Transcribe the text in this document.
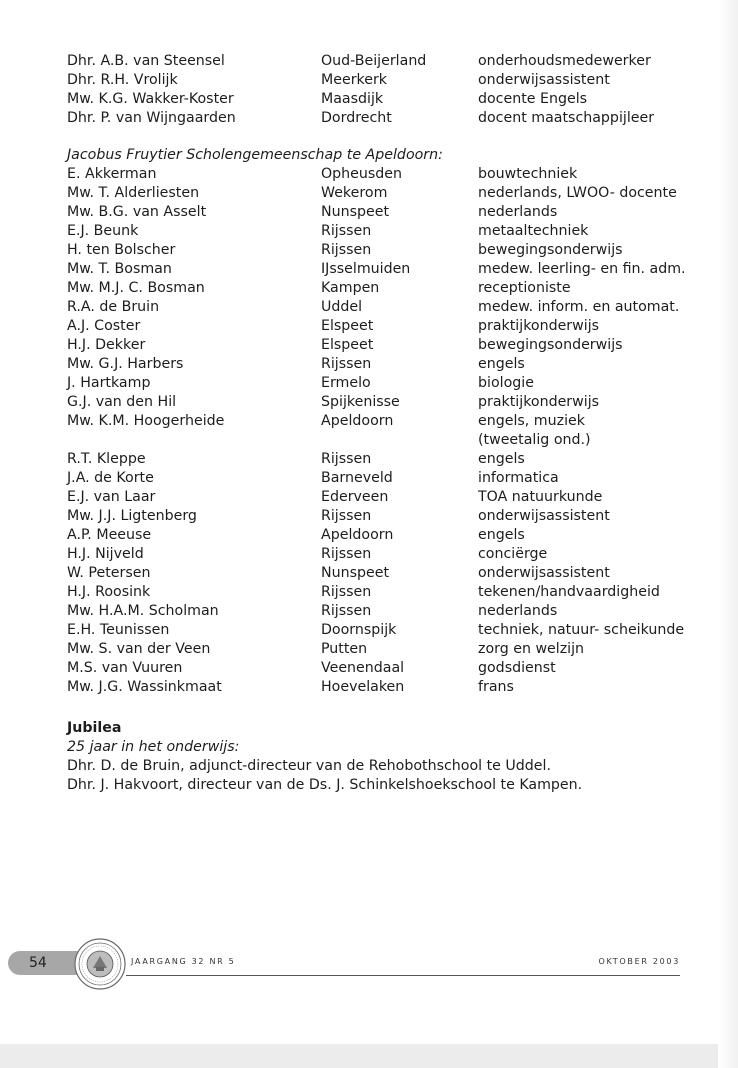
Dhr. A.B. van Steensel	Oud-Beijerland	onderhoudsmedewerker
Dhr. R.H. Vrolijk	Meerkerk	onderwijsassistent
Mw. K.G. Wakker-Koster	Maasdijk	docente Engels
Dhr. P. van Wijngaarden	Dordrecht	docent maatschappijleer
Jacobus Fruytier Scholengemeenschap te Apeldoorn:
E. Akkerman	Opheusden	bouwtechniek
Mw. T. Alderliesten	Wekerom	nederlands, LWOO- docente
Mw. B.G. van Asselt	Nunspeet	nederlands
E.J. Beunk	Rijssen	metaaltechniek
H. ten Bolscher	Rijssen	bewegingsonderwijs
Mw. T. Bosman	IJsselmuiden	medew. leerling- en fin. adm.
Mw. M.J. C. Bosman	Kampen	receptioniste
R.A. de Bruin	Uddel	medew. inform. en automat.
A.J. Coster	Elspeet	praktijkonderwijs
H.J. Dekker	Elspeet	bewegingsonderwijs
Mw. G.J. Harbers	Rijssen	engels
J. Hartkamp	Ermelo	biologie
G.J. van den Hil	Spijkenisse	praktijkonderwijs
Mw. K.M. Hoogerheide	Apeldoorn	engels, muziek
(tweetalig ond.)
R.T. Kleppe	Rijssen	engels
J.A. de Korte	Barneveld	informatica
E.J. van Laar	Ederveen	TOA natuurkunde
Mw. J.J. Ligtenberg	Rijssen	onderwijsassistent
A.P. Meeuse	Apeldoorn	engels
H.J. Nijveld	Rijssen	conciërge
W. Petersen	Nunspeet	onderwijsassistent
H.J. Roosink	Rijssen	tekenen/handvaardigheid
Mw. H.A.M. Scholman	Rijssen	nederlands
E.H. Teunissen	Doornspijk	techniek, natuur- scheikunde
Mw. S. van der Veen	Putten	zorg en welzijn
M.S. van Vuuren	Veenendaal	godsdienst
Mw. J.G. Wassinkmaat	Hoevelaken	frans
Jubilea
25 jaar in het onderwijs:
Dhr. D. de Bruin, adjunct-directeur van de Rehobothschool te Uddel.
Dhr. J. Hakvoort, directeur van de Ds. J. Schinkelshoekschool te Kampen.
54	JAARGANG 32 NR 5	OKTOBER 2003
